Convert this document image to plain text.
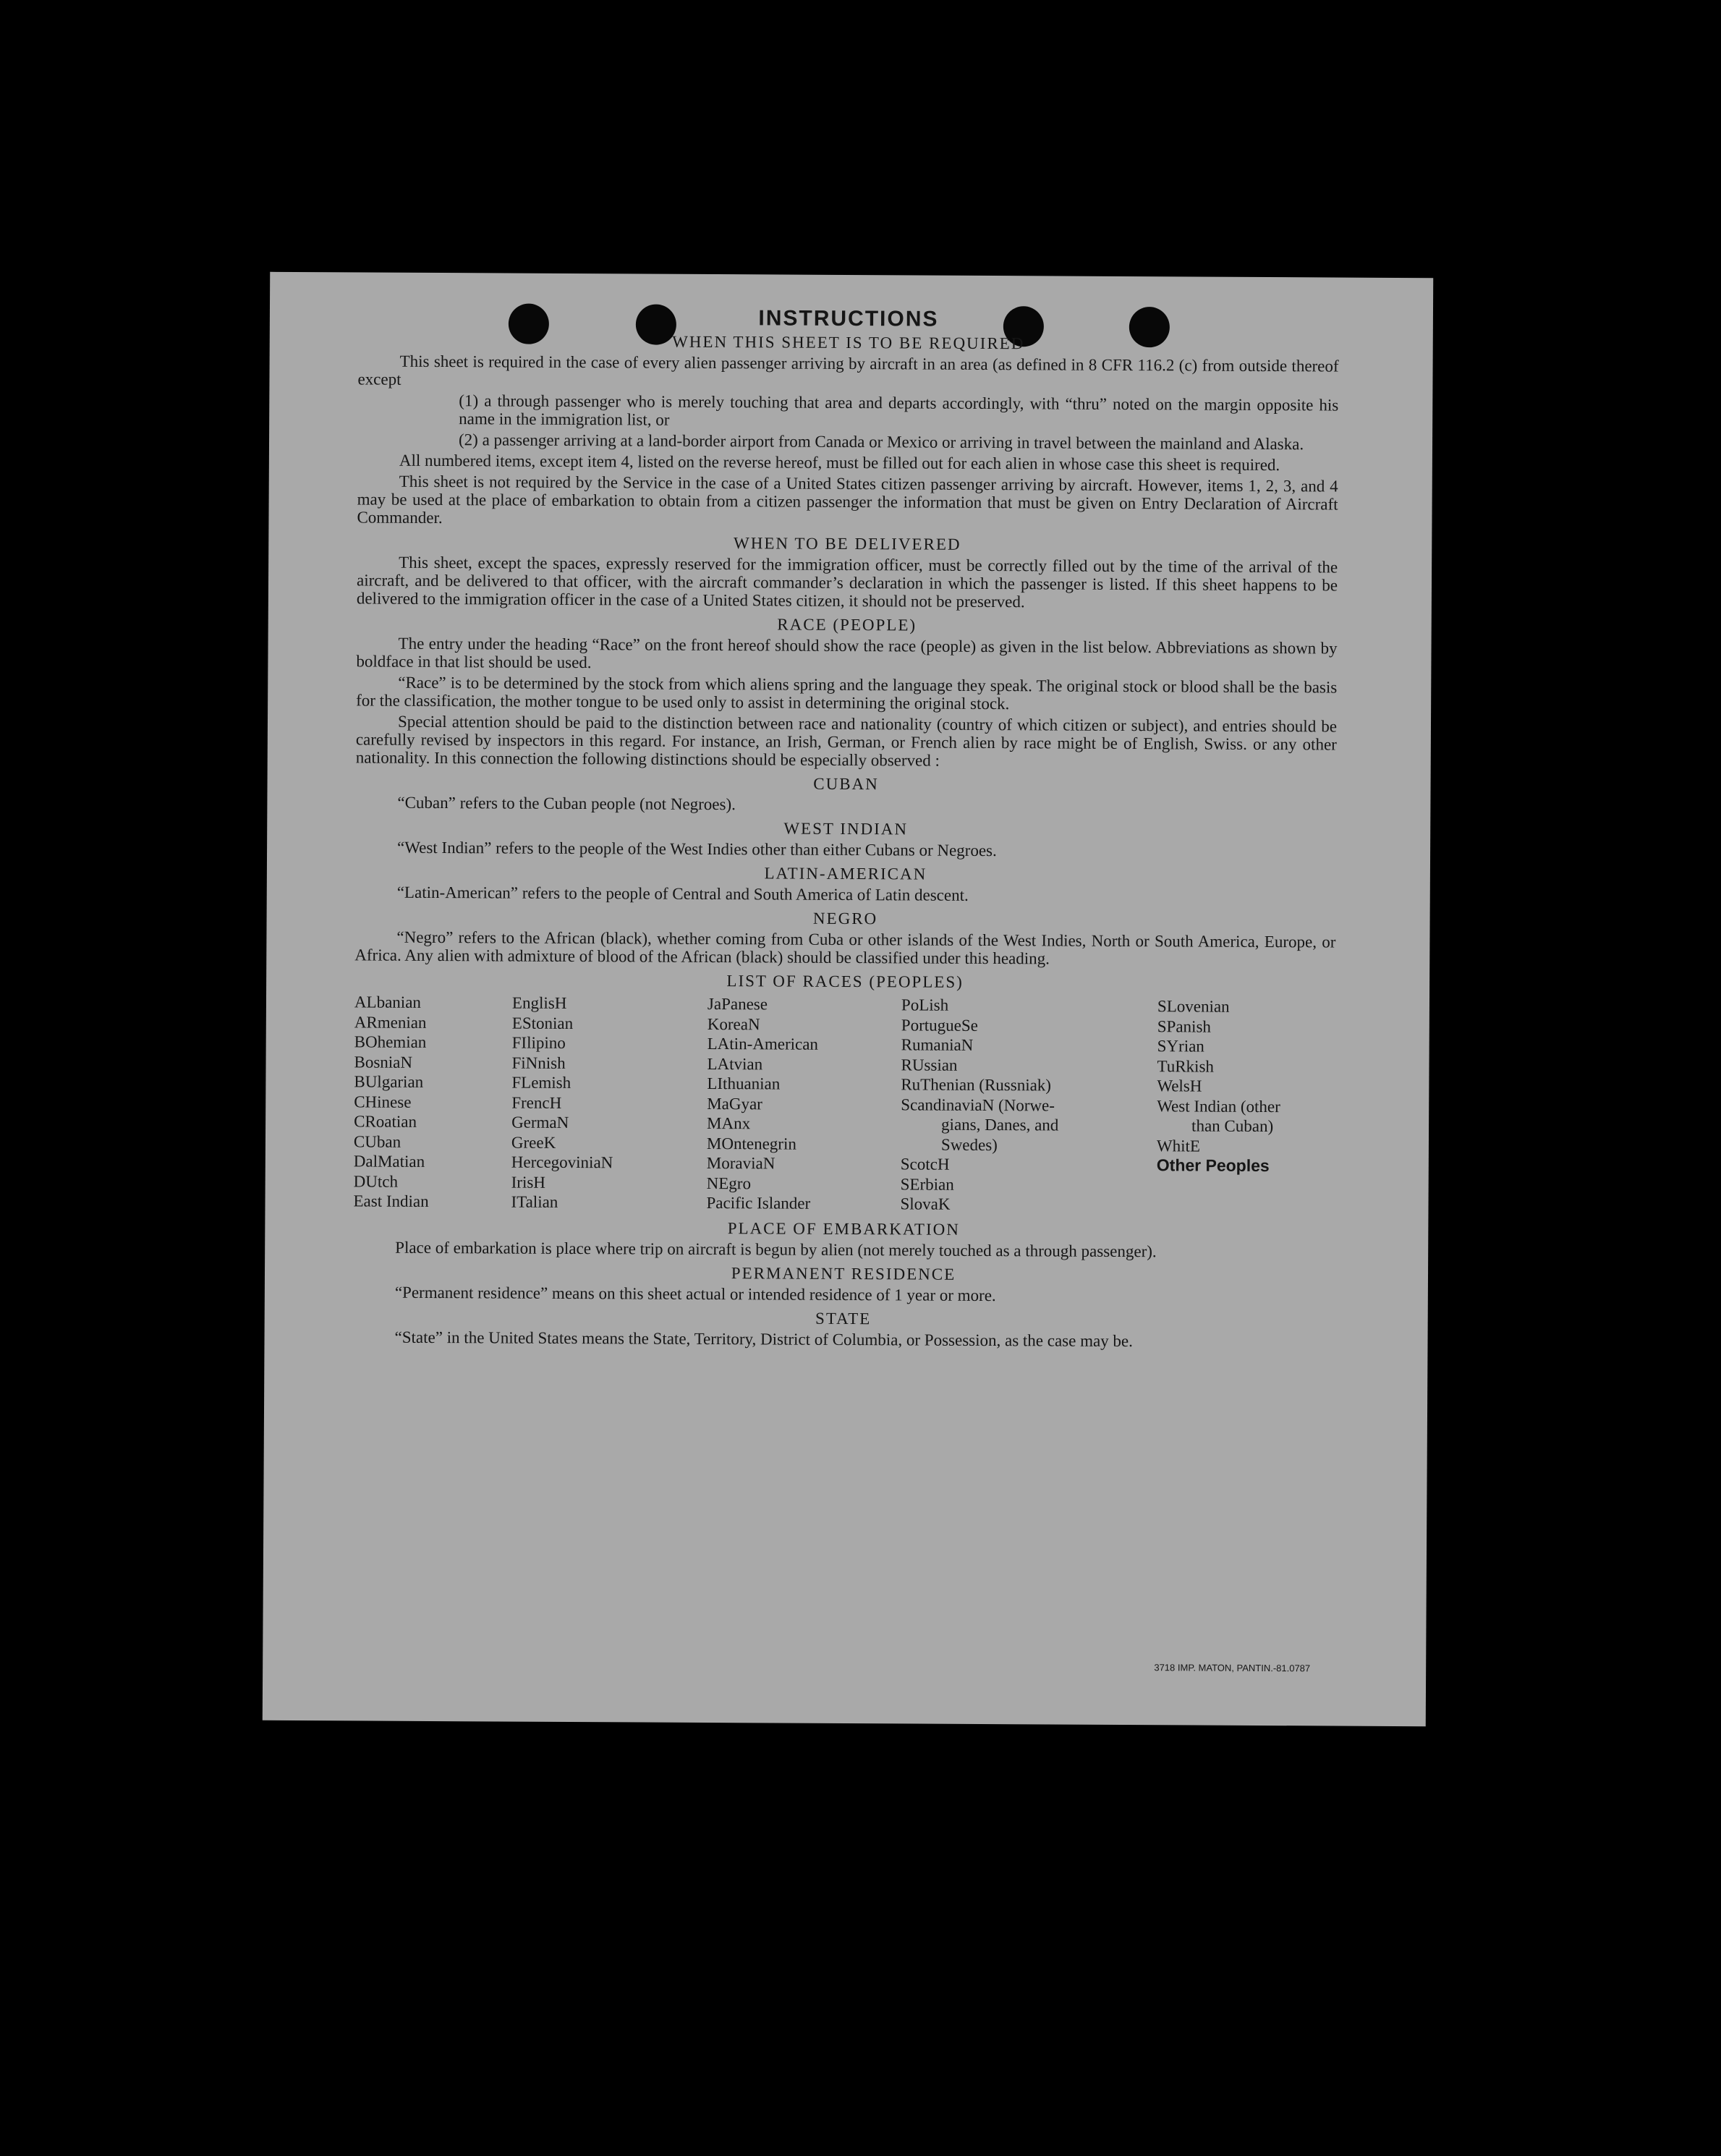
INSTRUCTIONS
WHEN THIS SHEET IS TO BE REQUIRED

This sheet is required in the case of every alien passenger arriving by aircraft in an area (as defined in 8 CFR 116.2 (c) from outside thereof except

(1) a through passenger who is merely touching that area and departs accordingly, with “thru” noted on the margin opposite his name in the immigration list, or

(2) a passenger arriving at a land-border airport from Canada or Mexico or arriving in travel between the mainland and Alaska.

All numbered items, except item 4, listed on the reverse hereof, must be filled out for each alien in whose case this sheet is required.

This sheet is not required by the Service in the case of a United States citizen passenger arriving by aircraft. However, items 1, 2, 3, and 4 may be used at the place of embarkation to obtain from a citizen passenger the information that must be given on Entry Declaration of Aircraft Commander.

WHEN TO BE DELIVERED

This sheet, except the spaces, expressly reserved for the immigration officer, must be correctly filled out by the time of the arrival of the aircraft, and be delivered to that officer, with the aircraft commander’s declaration in which the passenger is listed. If this sheet happens to be delivered to the immigration officer in the case of a United States citizen, it should not be preserved.

RACE (PEOPLE)

The entry under the heading “Race” on the front hereof should show the race (people) as given in the list below. Abbreviations as shown by boldface in that list should be used.

“Race” is to be determined by the stock from which aliens spring and the language they speak. The original stock or blood shall be the basis for the classification, the mother tongue to be used only to assist in determining the original stock.

Special attention should be paid to the distinction between race and nationality (country of which citizen or subject), and entries should be carefully revised by inspectors in this regard. For instance, an Irish, German, or French alien by race might be of English, Swiss. or any other nationality. In this connection the following distinctions should be especially observed :

CUBAN

“Cuban” refers to the Cuban people (not Negroes).

WEST INDIAN

“West Indian” refers to the people of the West Indies other than either Cubans or Negroes.

LATIN-AMERICAN

“Latin-American” refers to the people of Central and South America of Latin descent.

NEGRO

“Negro” refers to the African (black), whether coming from Cuba or other islands of the West Indies, North or South America, Europe, or Africa. Any alien with admixture of blood of the African (black) should be classified under this heading.

LIST OF RACES (PEOPLES)
ALbanian
ARmenian
BOhemian
BosniaN
BUlgarian
CHinese
CRoatian
CUban
DalMatian
DUtch
East Indian
EnglisH
EStonian
FIlipino
FiNnish
FLemish
FrencH
GermaN
GreeK
HercegoviniaN
IrisH
ITalian
JaPanese
KoreaN
LAtin-American
LAtvian
LIthuanian
MaGyar
MAnx
MOntenegrin
MoraviaN
NEgro
Pacific Islander
PoLish
PortugueSe
RumaniaN
RUssian
RuThenian (Russniak)
ScandinaviaN (Norwe-
gians, Danes, and
Swedes)
ScotcH
SErbian
SlovaK
SLovenian
SPanish
SYrian
TuRkish
WelsH
West Indian (other
than Cuban)
WhitE
Other Peoples
PLACE OF EMBARKATION

Place of embarkation is place where trip on aircraft is begun by alien (not merely touched as a through passenger).

PERMANENT RESIDENCE

“Permanent residence” means on this sheet actual or intended residence of 1 year or more.

STATE

“State” in the United States means the State, Territory, District of Columbia, or Possession, as the case may be.

3718 IMP. MATON, PANTIN.-81.0787
